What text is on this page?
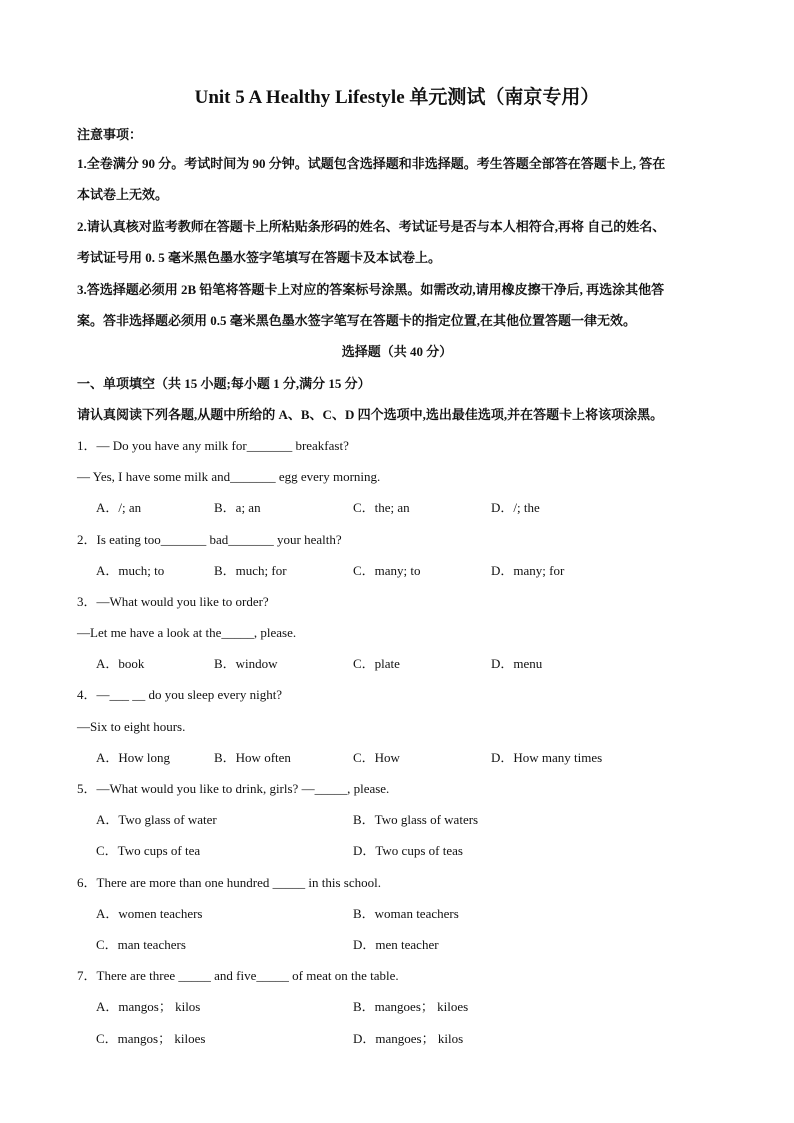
Unit 5 A Healthy Lifestyle 单元测试（南京专用）
注意事项：
1.全卷满分 90 分。考试时间为 90 分钟。试题包含选择题和非选择题。考生答题全部答在答题卡上, 答在
本试卷上无效。
2.请认真核对监考教师在答题卡上所粘贴条形码的姓名、考试证号是否与本人相符合,再将 自己的姓名、
考试证号用 0. 5 毫米黑色墨水签字笔填写在答题卡及本试卷上。
3.答选择题必须用 2B 铅笔将答题卡上对应的答案标号涂黑。如需改动,请用橡皮擦干净后, 再选涂其他答
案。答非选择题必须用 0.5 毫米黑色墨水签字笔写在答题卡的指定位置,在其他位置答题一律无效。
选择题（共 40 分）
一、单项填空（共 15 小题;每小题 1 分,满分 15 分）
请认真阅读下列各题,从题中所给的 A、B、C、D 四个选项中,选出最佳选项,并在答题卡上将该项涂黑。
1．— Do you have any milk for_______ breakfast?
— Yes, I have some milk and_______ egg every morning.
A．/; an	B．a; an	C．the; an	D．/; the
2．Is eating too_______ bad_______ your health?
A．much; to	B．much; for	C．many; to	D．many; for
3．—What would you like to order?
—Let me have a look at the_____, please.
A．book	B．window	C．plate	D．menu
4．—___ __ do you sleep every night?
—Six to eight hours.
A．How long	B．How often	C．How	D．How many times
5．—What would you like to drink, girls? —_____, please.
A．Two glass of water	B．Two glass of waters
C．Two cups of tea	D．Two cups of teas
6．There are more than one hundred _____ in this school.
A．women teachers	B．woman teachers
C．man teachers	D．men teacher
7．There are three _____ and five_____ of meat on the table.
A．mangos； kilos	B．mangoes； kiloes
C．mangos； kiloes	D．mangoes； kilos
